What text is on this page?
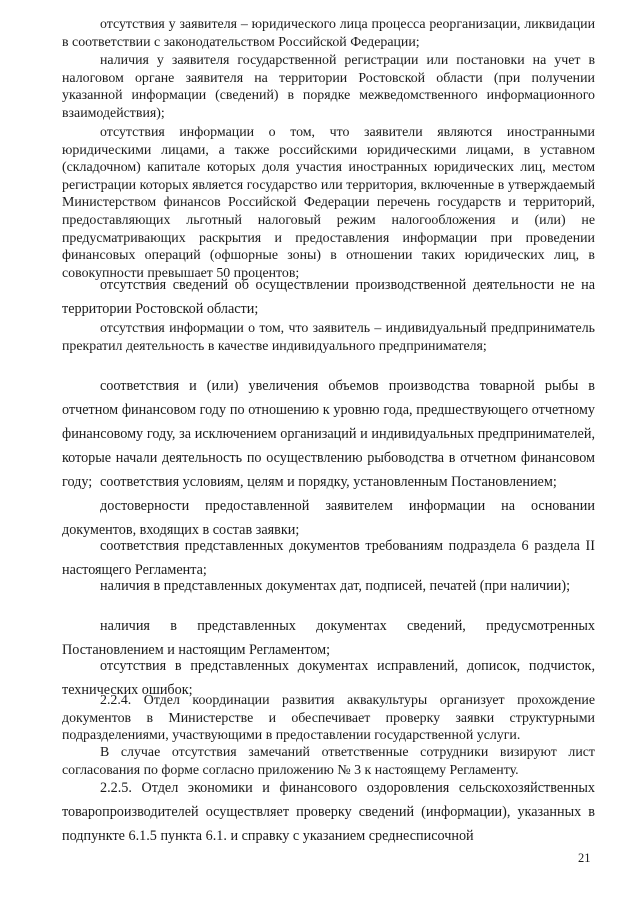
отсутствия у заявителя – юридического лица процесса реорганизации, ликвидации в соответствии с законодательством Российской Федерации;

наличия у заявителя государственной регистрации или постановки на учет в налоговом органе заявителя на территории Ростовской области (при получении указанной информации (сведений) в порядке межведомственного информационного взаимодействия);

отсутствия информации о том, что заявители являются иностранными юридическими лицами, а также российскими юридическими лицами, в уставном (складочном) капитале которых доля участия иностранных юридических лиц, местом регистрации которых является государство или территория, включенные в утверждаемый Министерством финансов Российской Федерации перечень государств и территорий, предоставляющих льготный налоговый режим налогообложения и (или) не предусматривающих раскрытия и предоставления информации при проведении финансовых операций (офшорные зоны) в отношении таких юридических лиц, в совокупности превышает 50 процентов;

отсутствия сведений об осуществлении производственной деятельности не на территории Ростовской области;

отсутствия информации о том, что заявитель – индивидуальный предприниматель прекратил деятельность в качестве индивидуального предпринимателя;

соответствия и (или) увеличения объемов производства товарной рыбы в отчетном финансовом году по отношению к уровню года, предшествующего отчетному финансовому году, за исключением организаций и индивидуальных предпринимателей, которые начали деятельность по осуществлению рыбоводства в отчетном финансовом году; соответствия условиям, целям и порядку, установленным Постановлением;

достоверности предоставленной заявителем информации на основании документов, входящих в состав заявки;

соответствия представленных документов требованиям подраздела 6 раздела II настоящего Регламента;

наличия в представленных документах дат, подписей, печатей (при наличии);

наличия в представленных документах сведений, предусмотренных Постановлением и настоящим Регламентом;

отсутствия в представленных документах исправлений, дописок, подчисток, технических ошибок;

2.2.4. Отдел координации развития аквакультуры организует прохождение документов в Министерстве и обеспечивает проверку заявки структурными подразделениями, участвующими в предоставлении государственной услуги.

В случае отсутствия замечаний ответственные сотрудники визируют лист согласования по форме согласно приложению № 3 к настоящему Регламенту.

2.2.5. Отдел экономики и финансового оздоровления сельскохозяйственных товаропроизводителей осуществляет проверку сведений (информации), указанных в подпункте 6.1.5 пункта 6.1. и справку с указанием среднесписочной

21
